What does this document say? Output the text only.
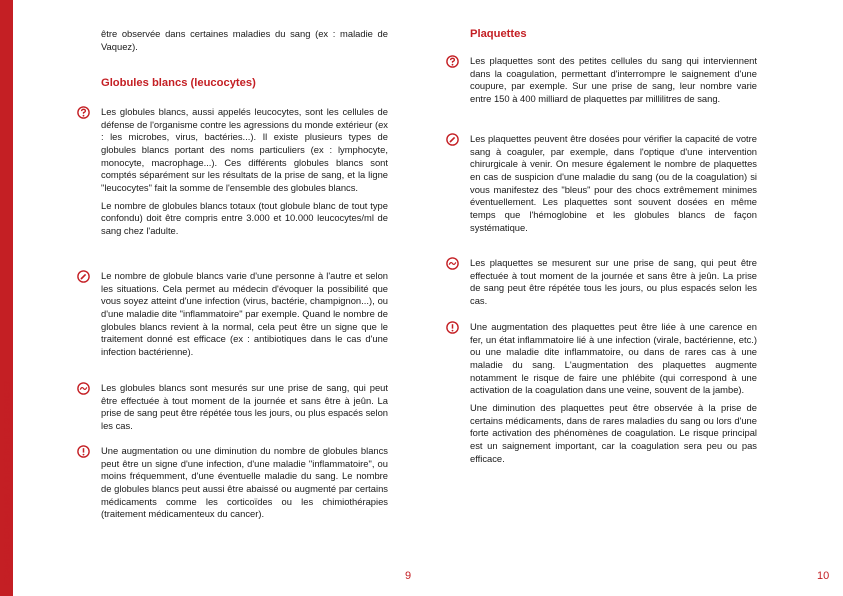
EXAMENS COMMUNS À DIFFÉRENTS SERVICES

être observée dans certaines maladies du sang (ex : maladie de Vaquez).

Globules blancs (leucocytes)

Les globules blancs, aussi appelés leucocytes, sont les cellules de défense de l'organisme contre les agressions du monde extérieur (ex : les microbes, virus, bactéries...). Il existe plusieurs types de globules blancs portant des noms particuliers (ex : lymphocyte, monocyte, macrophage...). Ces différents globules blancs sont comptés séparément sur les résultats de la prise de sang, et la ligne "leucocytes" fait la somme de l'ensemble des globules blancs.

Le nombre de globules blancs totaux (tout globule blanc de tout type confondu) doit être compris entre 3.000 et 10.000 leucocytes/ml de sang chez l'adulte.

Le nombre de globule blancs varie d'une personne à l'autre et selon les situations. Cela permet au médecin d'évoquer la possibilité que vous soyez atteint d'une infection (virus, bactérie, champignon...), ou d'une maladie dite "inflammatoire" par exemple. Quand le nombre de globules blancs revient à la normal, cela peut être un signe que le traitement donné est efficace (ex : antibiotiques dans le cas d'une infection bactérienne).

Les globules blancs sont mesurés sur une prise de sang, qui peut être effectuée à tout moment de la journée et sans être à jeûn. La prise de sang peut être répétée tous les jours, ou plus espacés selon les cas.

Une augmentation ou une diminution du nombre de globules blancs peut être un signe d'une infection, d'une maladie "inflammatoire", ou moins fréquemment, d'une éventuelle maladie du sang. Le nombre de globules blancs peut aussi être abaissé ou augmenté par certains médicaments comme les corticoïdes ou les chimiothérapies (traitement médicamenteux du cancer).

Plaquettes

Les plaquettes sont des petites cellules du sang qui interviennent dans la coagulation, permettant d'interrompre le saignement d'une coupure, par exemple. Sur une prise de sang, leur nombre varie entre 150 à 400 milliard de plaquettes par millilitres de sang.

Les plaquettes peuvent être dosées pour vérifier la capacité de votre sang à coaguler, par exemple, dans l'optique d'une intervention chirurgicale à venir. On mesure également le nombre de plaquettes en cas de suspicion d'une maladie du sang (ou de la coagulation) si vous manifestez des "bleus" pour des chocs extrêmement minimes éventuellement. Les plaquettes sont souvent dosées en même temps que l'hémoglobine et les globules blancs de façon systématique.

Les plaquettes se mesurent sur une prise de sang, qui peut être effectuée à tout moment de la journée et sans être à jeûn. La prise de sang peut être répétée tous les jours, ou plus espacés selon les cas.

Une augmentation des plaquettes peut être liée à une carence en fer, un état inflammatoire lié à une infection (virale, bactérienne, etc.) ou une maladie dite inflammatoire, ou dans de rares cas à une maladie du sang. L'augmentation des plaquettes augmente notamment le risque de faire une phlébite (qui correspond à une activation de la coagulation dans une veine, souvent de la jambe).

Une diminution des plaquettes peut être observée à la prise de certains médicaments, dans de rares maladies du sang ou lors d'une forte activation des phénomènes de coagulation. Le risque principal est un saignement important, car la coagulation sera peu ou pas efficace.

9	10
